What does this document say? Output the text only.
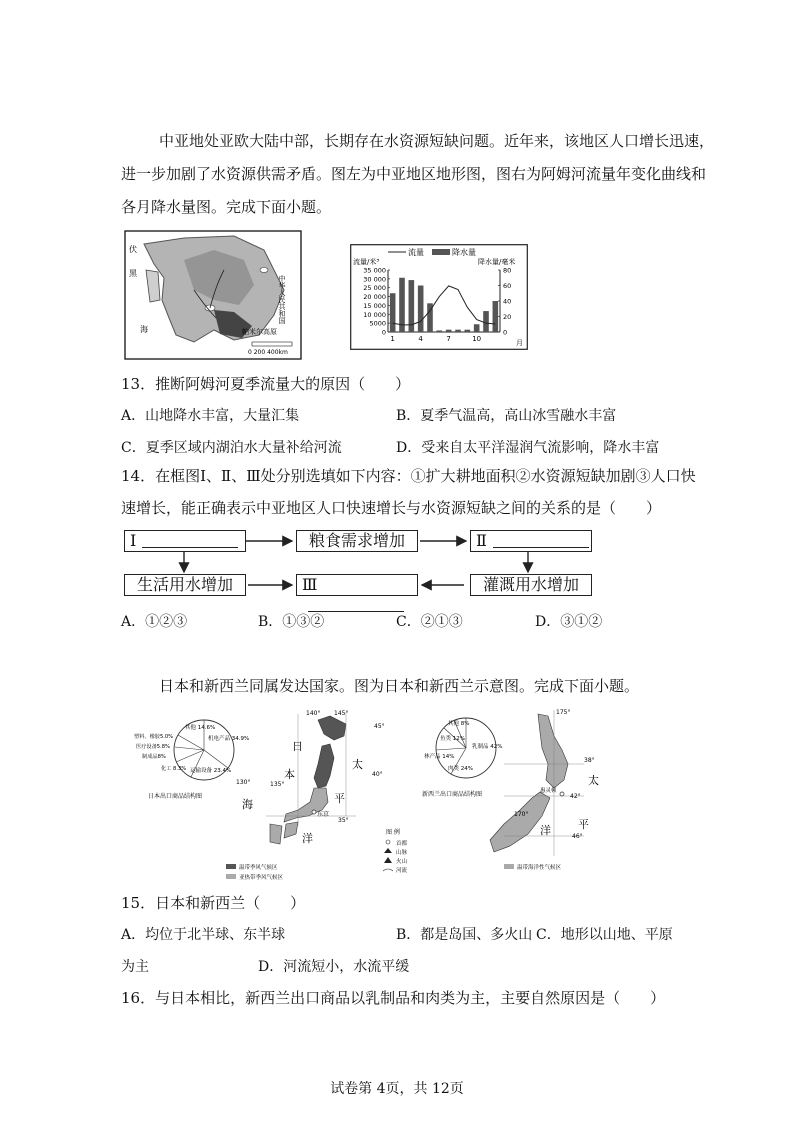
中亚地处亚欧大陆中部，长期存在水资源短缺问题。近年来，该地区人口增长迅速，
进一步加剧了水资源供需矛盾。图左为中亚地区地形图，图右为阿姆河流量年变化曲线和
各月降水量图。完成下面小题。
伏
黑
海	帕米尔高原
中华人民共和国
0 200 400km
流量	降水量
流量/米³	降水量/毫米
35 000
30 000
25 000
20 000
15 000
10 000
5000
0
80
60
40
20
0
1	4	7	10	月
13．推断阿姆河夏季流量大的原因（　　）
A．山地降水丰富，大量汇集	B．夏季气温高，高山冰雪融水丰富
C．夏季区域内湖泊水大量补给河流	D．受来自太平洋湿润气流影响，降水丰富
14．在框图Ⅰ、Ⅱ、Ⅲ处分别选填如下内容：①扩大耕地面积②水资源短缺加剧③人口快
速增长，能正确表示中亚地区人口快速增长与水资源短缺之间的关系的是（　　）
Ⅰ	粮食需求增加	Ⅱ
生活用水增加	Ⅲ	灌溉用水增加
A．①②③	B．①③②	C．②①③	D．③①②
日本和新西兰同属发达国家。图为日本和新西兰示意图。完成下面小题。
其他 14.6%
塑料、橡胶5.0%
医疗设备5.8%
制成品8%
化工 8.3% 运输设备 23.4%
机电产品 34.9%
日本出口商品结构图
140° 145°
45°
40°
35°
130°	135°
日
本
海
太
平
洋
东京
图 例
首都
山脉
火山
河流
温带季风气候区
亚热带季风气候区
其他 8%
鱼类 12%
林产品 14%
肉类 24%
乳制品 42%
新西兰出口商品结构图
175°
170°
38°
42°
46°
太
平
洋
惠灵顿
温带海洋性气候区
15．日本和新西兰（　　）
A．均位于北半球、东半球	B．都是岛国、多火山 C．地形以山地、平原
为主	D．河流短小，水流平缓
16．与日本相比，新西兰出口商品以乳制品和肉类为主，主要自然原因是（　　）
试卷第 4页，共 12页
